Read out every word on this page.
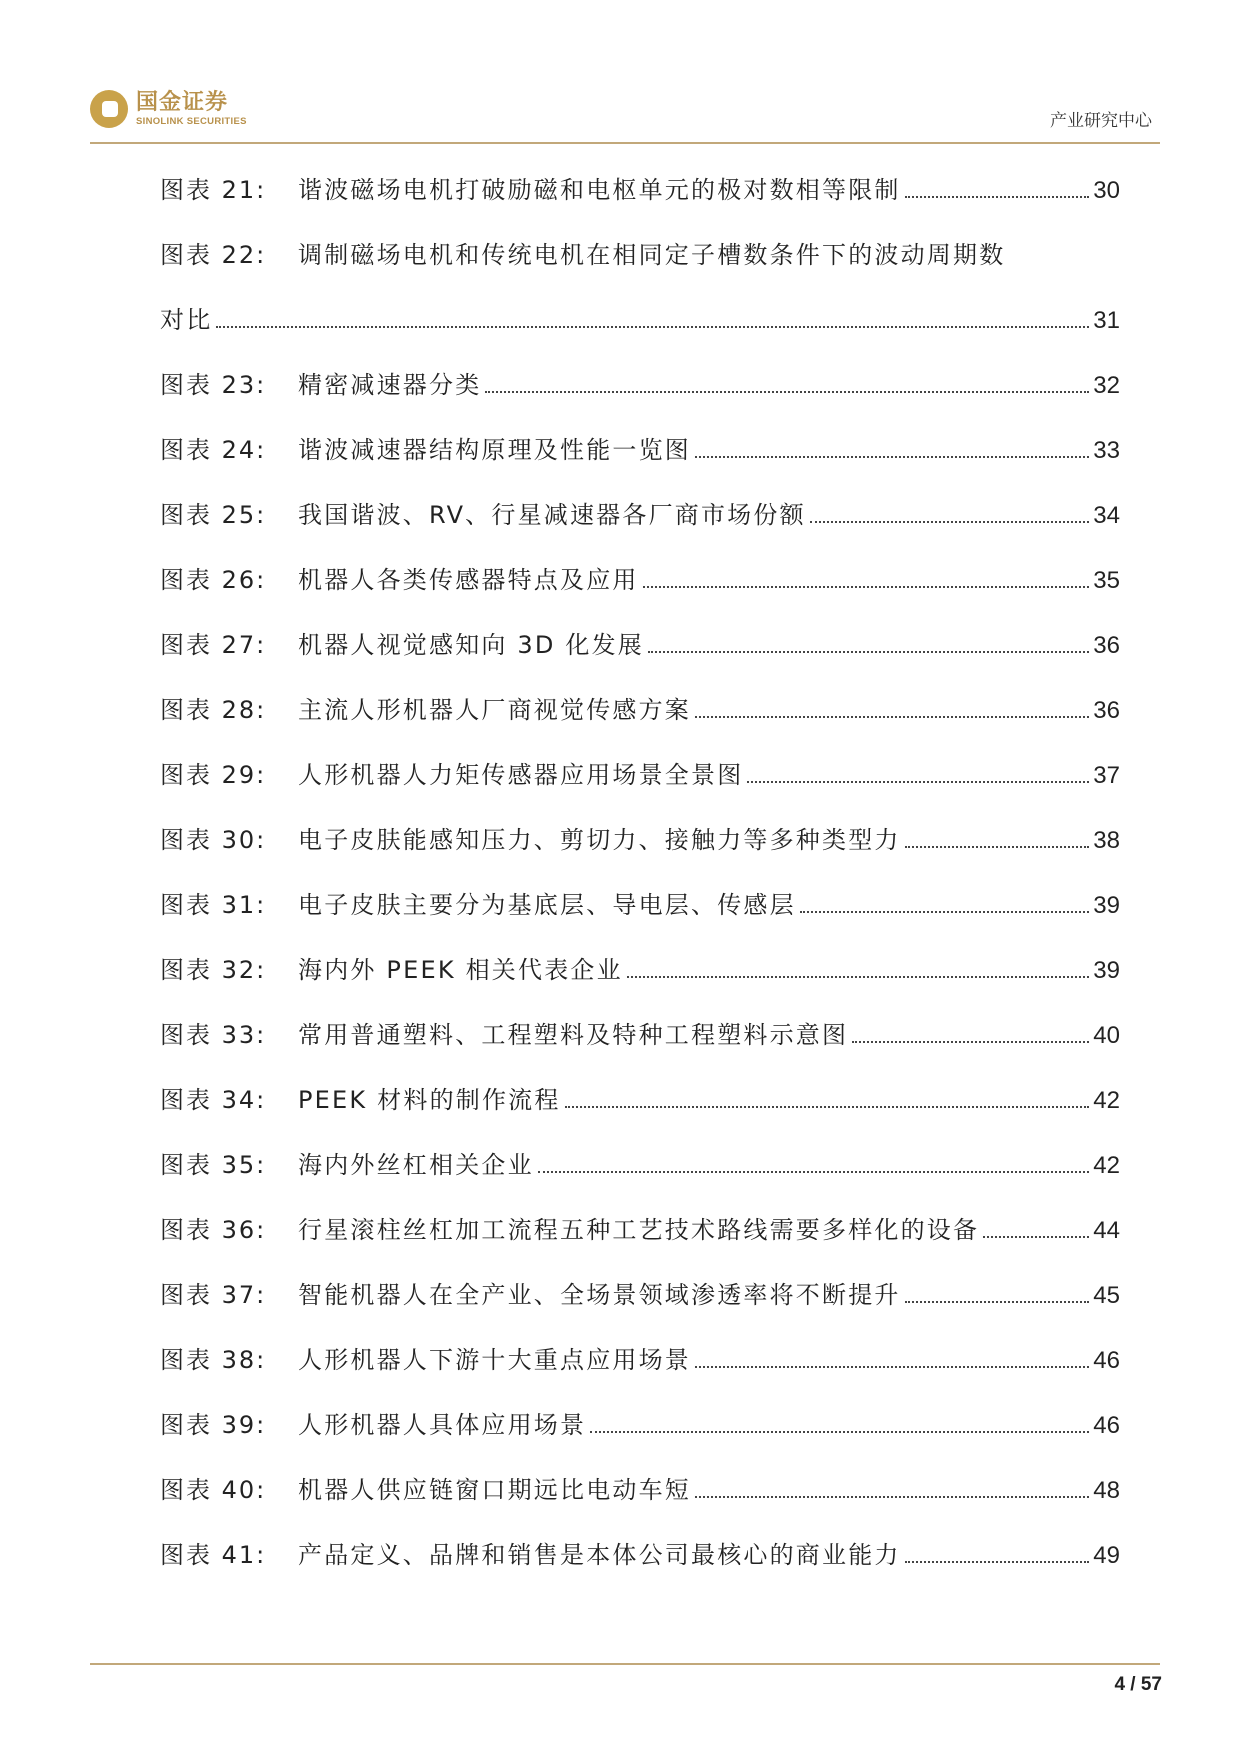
国金证券
SINOLINK SECURITIES	产业研究中心
图表 21:	谐波磁场电机打破励磁和电枢单元的极对数相等限制	30
图表 22: 调制磁场电机和传统电机在相同定子槽数条件下的波动周期数
对比	31
图表 23:	精密减速器分类	32
图表 24:	谐波减速器结构原理及性能一览图	33
图表 25:	我国谐波、RV、行星减速器各厂商市场份额	34
图表 26:	机器人各类传感器特点及应用	35
图表 27:	机器人视觉感知向 3D 化发展	36
图表 28:	主流人形机器人厂商视觉传感方案	36
图表 29:	人形机器人力矩传感器应用场景全景图	37
图表 30:	电子皮肤能感知压力、剪切力、接触力等多种类型力	38
图表 31:	电子皮肤主要分为基底层、导电层、传感层	39
图表 32:	海内外 PEEK 相关代表企业	39
图表 33:	常用普通塑料、工程塑料及特种工程塑料示意图	40
图表 34:	PEEK 材料的制作流程	42
图表 35:	海内外丝杠相关企业	42
图表 36:	行星滚柱丝杠加工流程五种工艺技术路线需要多样化的设备	44
图表 37:	智能机器人在全产业、全场景领域渗透率将不断提升	45
图表 38:	人形机器人下游十大重点应用场景	46
图表 39:	人形机器人具体应用场景	46
图表 40:	机器人供应链窗口期远比电动车短	48
图表 41:	产品定义、品牌和销售是本体公司最核心的商业能力	49
4 / 57
